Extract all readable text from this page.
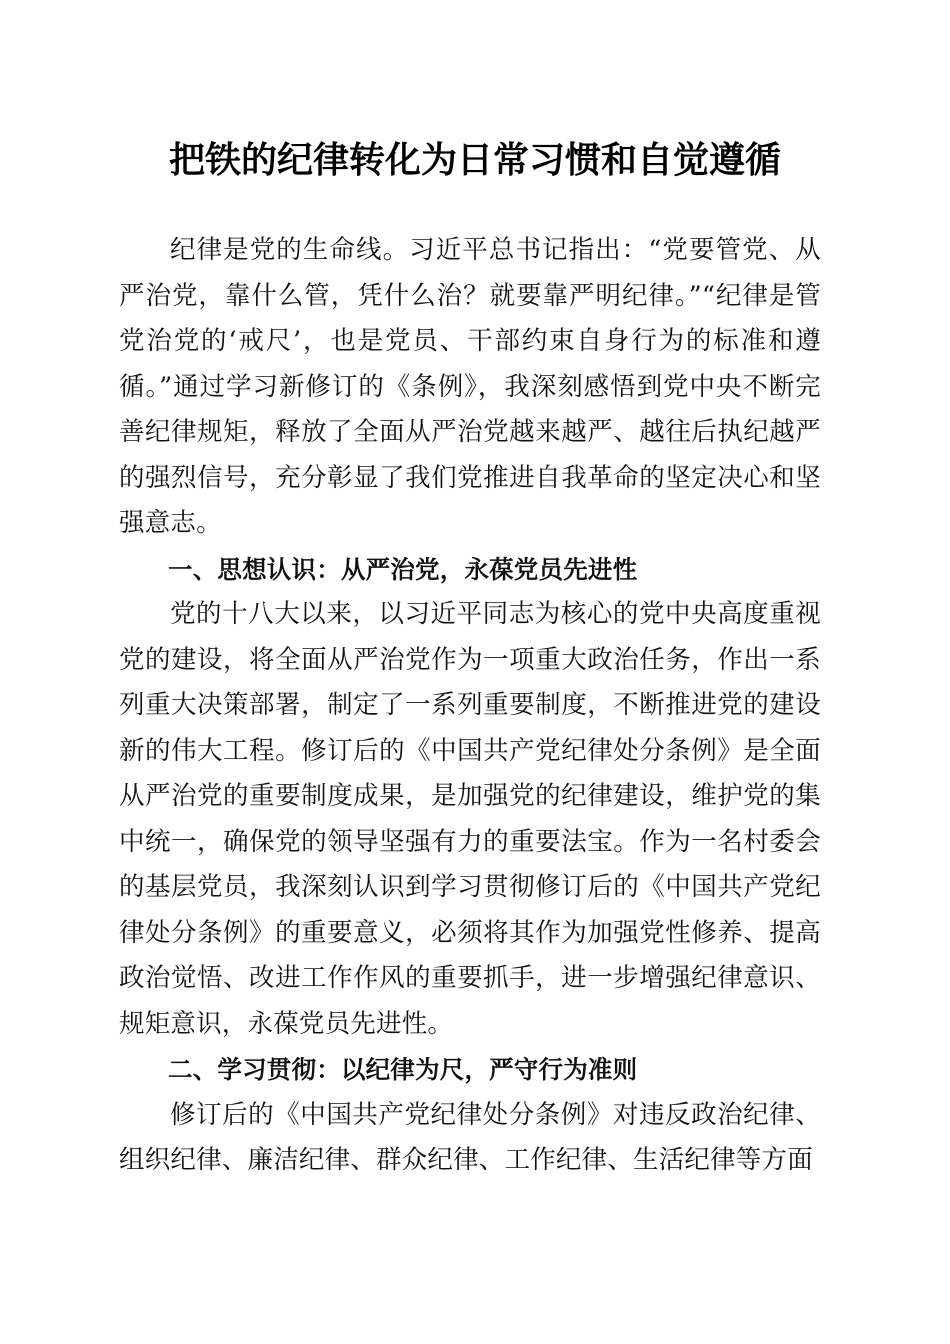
把铁的纪律转化为日常习惯和自觉遵循

纪律是党的生命线。习近平总书记指出：“党要管党、从严治党，靠什么管，凭什么治？就要靠严明纪律。”“纪律是管党治党的‘戒尺’，也是党员、干部约束自身行为的标准和遵循。”通过学习新修订的《条例》，我深刻感悟到党中央不断完善纪律规矩，释放了全面从严治党越来越严、越往后执纪越严的强烈信号，充分彰显了我们党推进自我革命的坚定决心和坚强意志。

一、思想认识：从严治党，永葆党员先进性

党的十八大以来，以习近平同志为核心的党中央高度重视党的建设，将全面从严治党作为一项重大政治任务，作出一系列重大决策部署，制定了一系列重要制度，不断推进党的建设新的伟大工程。修订后的《中国共产党纪律处分条例》是全面从严治党的重要制度成果，是加强党的纪律建设，维护党的集中统一，确保党的领导坚强有力的重要法宝。作为一名村委会的基层党员，我深刻认识到学习贯彻修订后的《中国共产党纪律处分条例》的重要意义，必须将其作为加强党性修养、提高政治觉悟、改进工作作风的重要抓手，进一步增强纪律意识、规矩意识，永葆党员先进性。

二、学习贯彻：以纪律为尺，严守行为准则

修订后的《中国共产党纪律处分条例》对违反政治纪律、组织纪律、廉洁纪律、群众纪律、工作纪律、生活纪律等方面
